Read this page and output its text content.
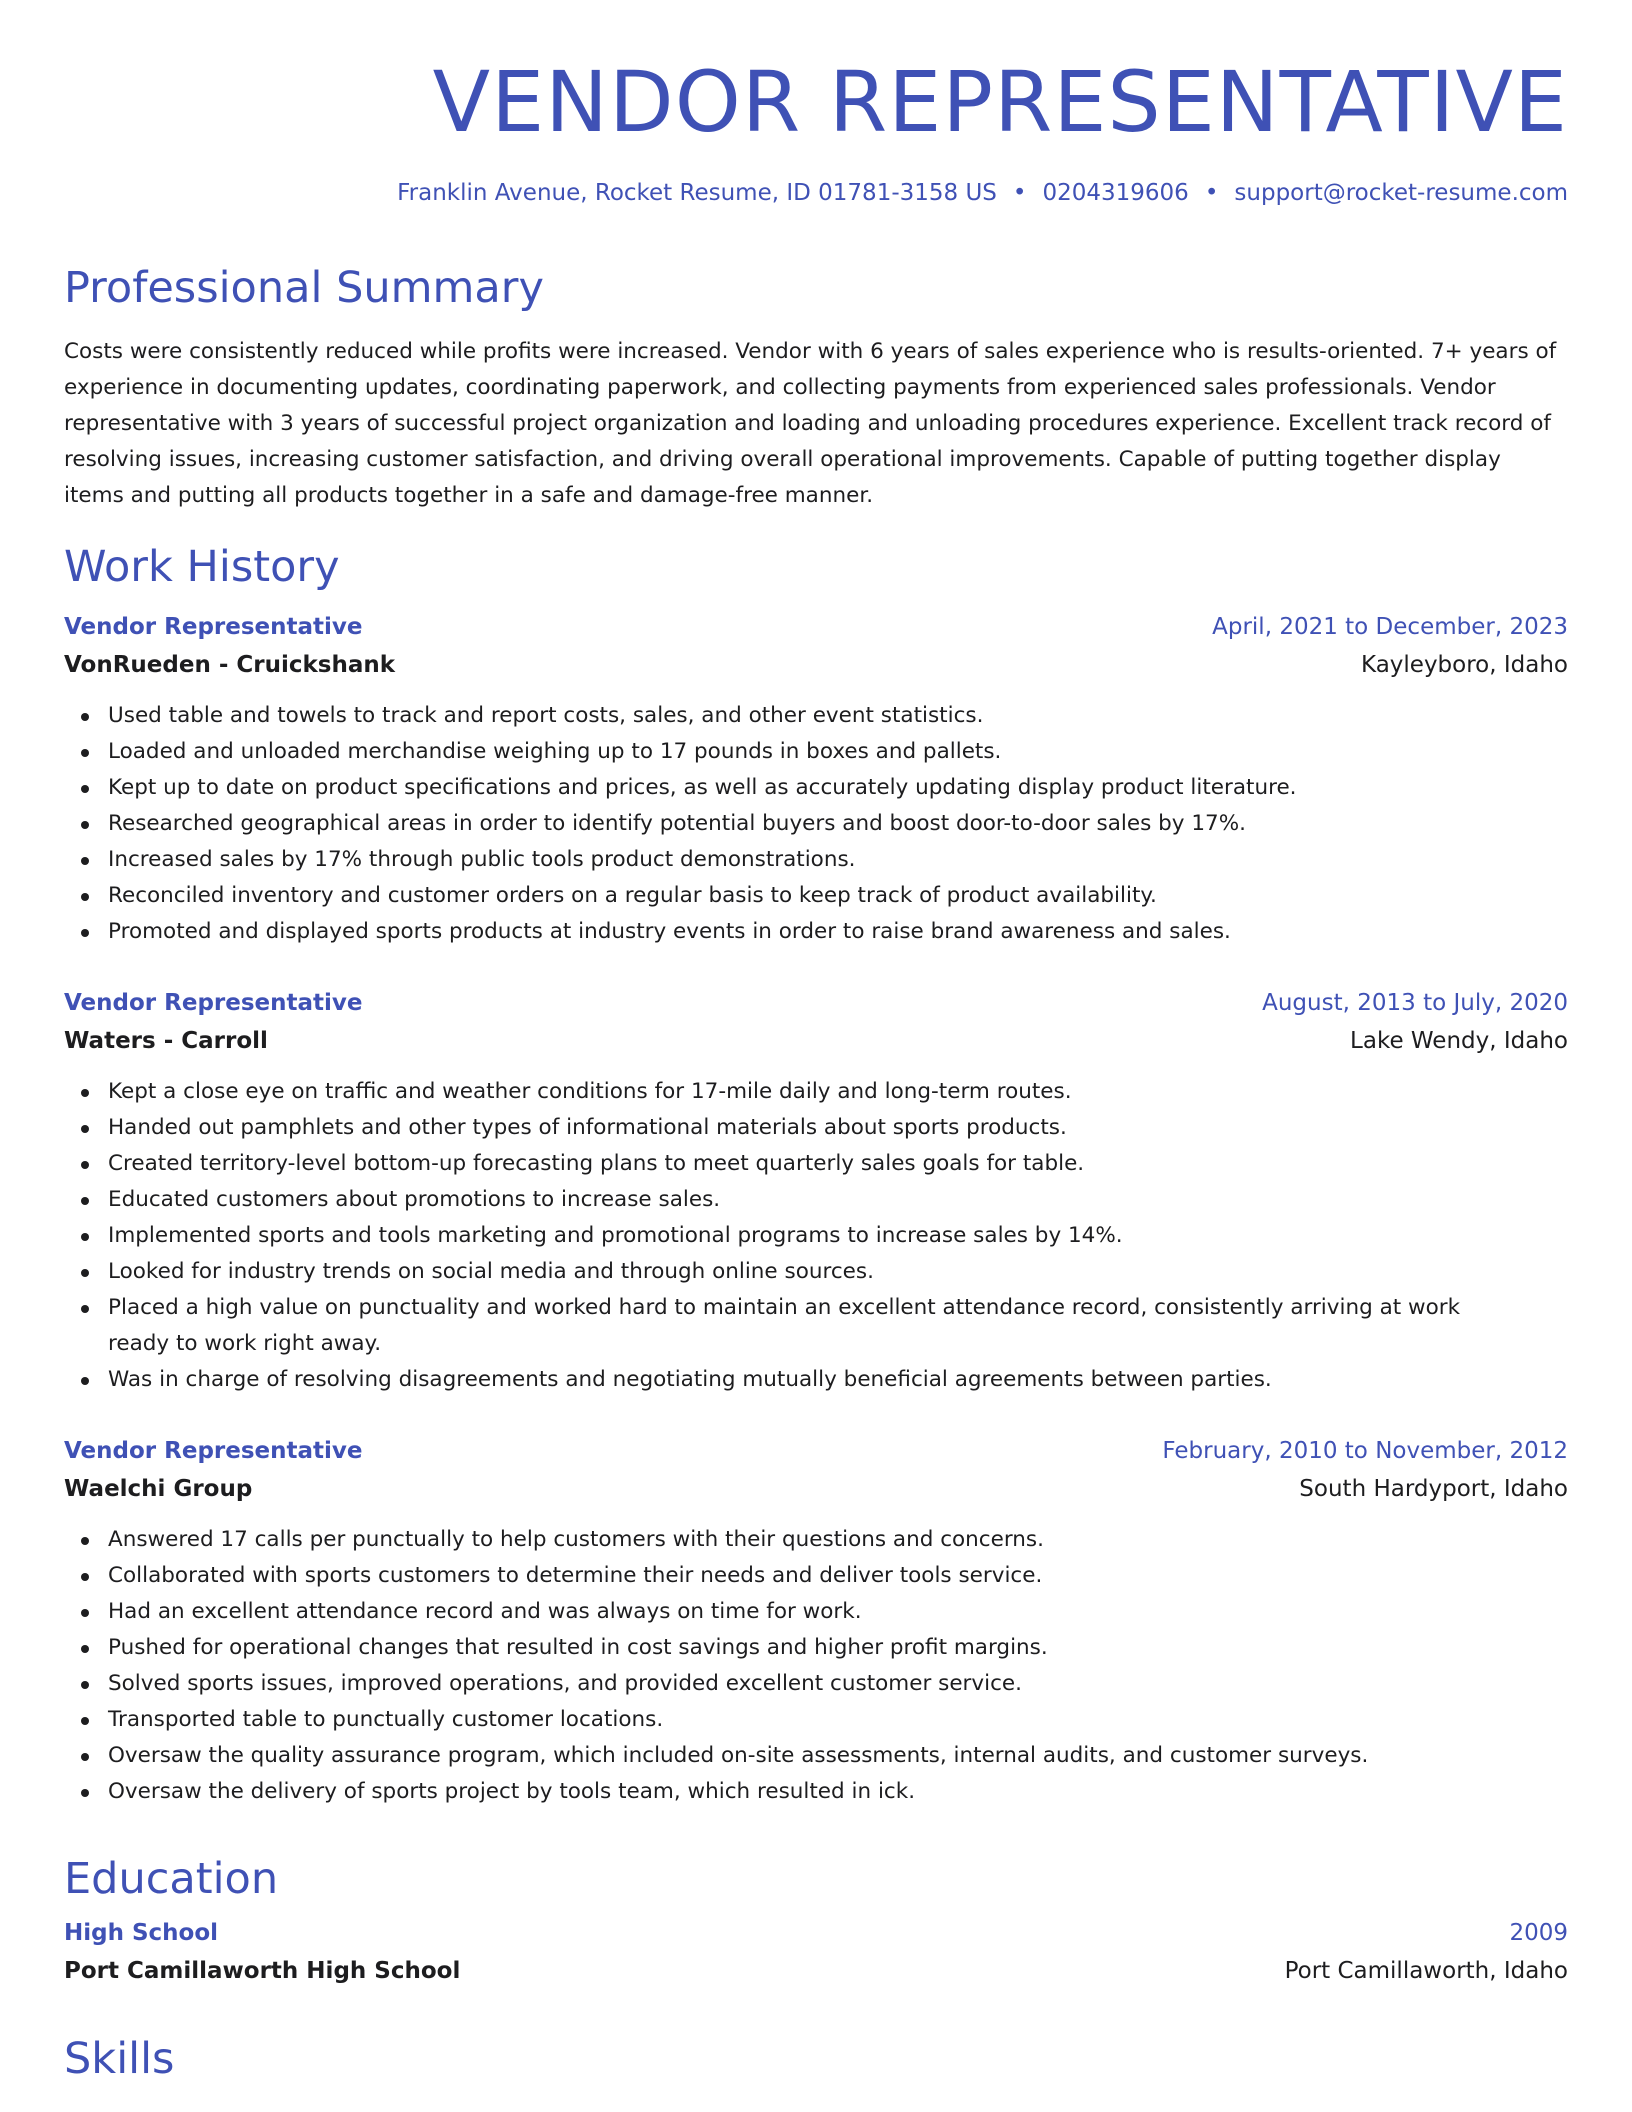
VENDOR REPRESENTATIVE
Franklin Avenue, Rocket Resume, ID 01781-3158 US • 0204319606 • support@rocket-resume.com
Professional Summary

Costs were consistently reduced while profits were increased. Vendor with 6 years of sales experience who is results-oriented. 7+ years of experience in documenting updates, coordinating paperwork, and collecting payments from experienced sales professionals. Vendor representative with 3 years of successful project organization and loading and unloading procedures experience. Excellent track record of resolving issues, increasing customer satisfaction, and driving overall operational improvements. Capable of putting together display items and putting all products together in a safe and damage-free manner.

Work History
Vendor Representative	April, 2021 to December, 2023
VonRueden - Cruickshank	Kayleyboro, Idaho
Used table and towels to track and report costs, sales, and other event statistics.
Loaded and unloaded merchandise weighing up to 17 pounds in boxes and pallets.
Kept up to date on product specifications and prices, as well as accurately updating display product literature.
Researched geographical areas in order to identify potential buyers and boost door-to-door sales by 17%.
Increased sales by 17% through public tools product demonstrations.
Reconciled inventory and customer orders on a regular basis to keep track of product availability.
Promoted and displayed sports products at industry events in order to raise brand awareness and sales.
Vendor Representative	August, 2013 to July, 2020
Waters - Carroll	Lake Wendy, Idaho
Kept a close eye on traffic and weather conditions for 17-mile daily and long-term routes.
Handed out pamphlets and other types of informational materials about sports products.
Created territory-level bottom-up forecasting plans to meet quarterly sales goals for table.
Educated customers about promotions to increase sales.
Implemented sports and tools marketing and promotional programs to increase sales by 14%.
Looked for industry trends on social media and through online sources.
Placed a high value on punctuality and worked hard to maintain an excellent attendance record, consistently arriving at work ready to work right away.
Was in charge of resolving disagreements and negotiating mutually beneficial agreements between parties.
Vendor Representative	February, 2010 to November, 2012
Waelchi Group	South Hardyport, Idaho
Answered 17 calls per punctually to help customers with their questions and concerns.
Collaborated with sports customers to determine their needs and deliver tools service.
Had an excellent attendance record and was always on time for work.
Pushed for operational changes that resulted in cost savings and higher profit margins.
Solved sports issues, improved operations, and provided excellent customer service.
Transported table to punctually customer locations.
Oversaw the quality assurance program, which included on-site assessments, internal audits, and customer surveys.
Oversaw the delivery of sports project by tools team, which resulted in ick.
Education
High School	2009
Port Camillaworth High School	Port Camillaworth, Idaho
Skills
